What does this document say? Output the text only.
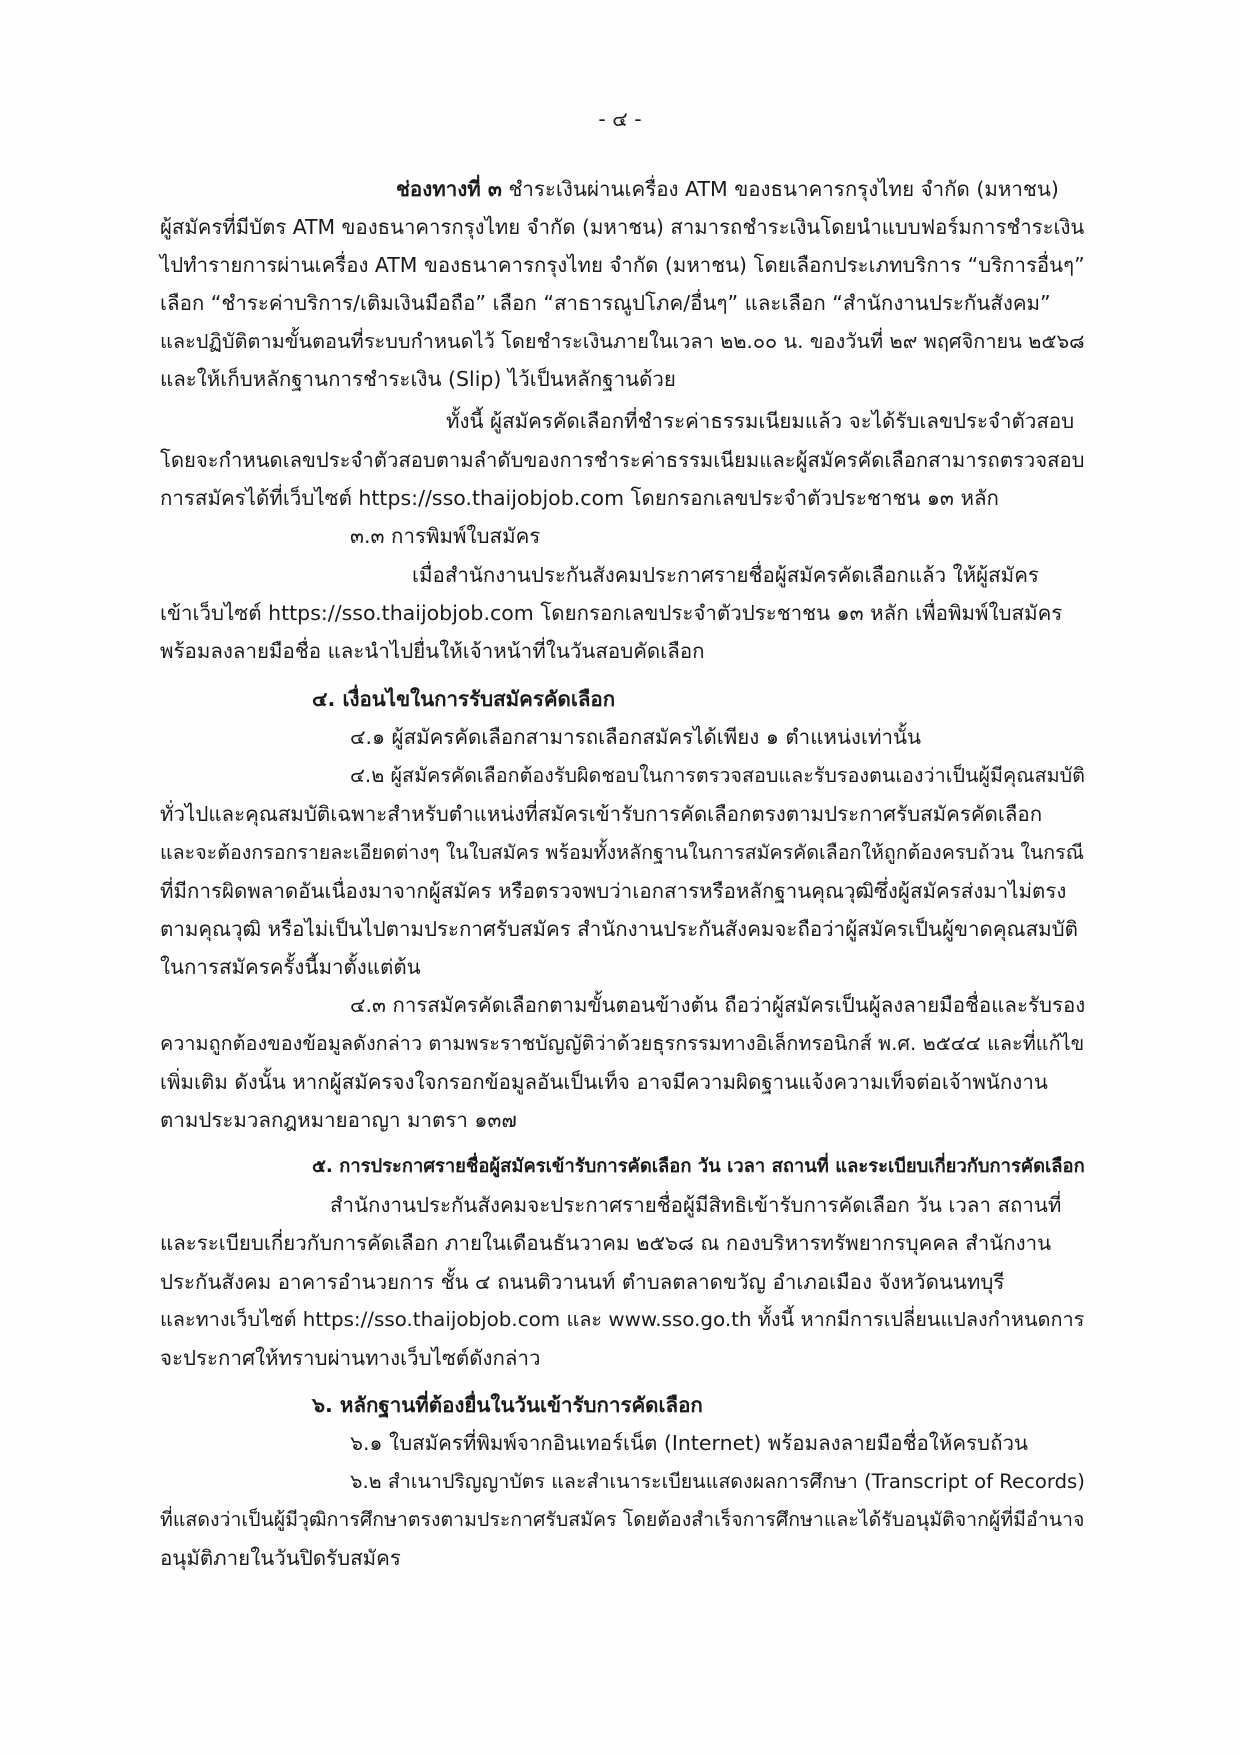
- ๔ -
ช่องทางที่ ๓ ชำระเงินผ่านเครื่อง ATM ของธนาคารกรุงไทย จำกัด (มหาชน)
ผู้สมัครที่มีบัตร ATM ของธนาคารกรุงไทย จำกัด (มหาชน) สามารถชำระเงินโดยนำแบบฟอร์มการชำระเงิน
ไปทำรายการผ่านเครื่อง ATM ของธนาคารกรุงไทย จำกัด (มหาชน) โดยเลือกประเภทบริการ “บริการอื่นๆ”
เลือก “ชำระค่าบริการ/เติมเงินมือถือ” เลือก “สาธารณูปโภค/อื่นๆ” และเลือก “สำนักงานประกันสังคม”
และปฏิบัติตามขั้นตอนที่ระบบกำหนดไว้ โดยชำระเงินภายในเวลา ๒๒.๐๐ น. ของวันที่ ๒๙ พฤศจิกายน ๒๕๖๘
และให้เก็บหลักฐานการชำระเงิน (Slip) ไว้เป็นหลักฐานด้วย
ทั้งนี้ ผู้สมัครคัดเลือกที่ชำระค่าธรรมเนียมแล้ว จะได้รับเลขประจำตัวสอบ
โดยจะกำหนดเลขประจำตัวสอบตามลำดับของการชำระค่าธรรมเนียมและผู้สมัครคัดเลือกสามารถตรวจสอบ
การสมัครได้ที่เว็บไซต์ https://sso.thaijobjob.com โดยกรอกเลขประจำตัวประชาชน ๑๓ หลัก
๓.๓ การพิมพ์ใบสมัคร
เมื่อสำนักงานประกันสังคมประกาศรายชื่อผู้สมัครคัดเลือกแล้ว ให้ผู้สมัคร
เข้าเว็บไซต์ https://sso.thaijobjob.com โดยกรอกเลขประจำตัวประชาชน ๑๓ หลัก เพื่อพิมพ์ใบสมัคร
พร้อมลงลายมือชื่อ และนำไปยื่นให้เจ้าหน้าที่ในวันสอบคัดเลือก
๔. เงื่อนไขในการรับสมัครคัดเลือก
๔.๑ ผู้สมัครคัดเลือกสามารถเลือกสมัครได้เพียง ๑ ตำแหน่งเท่านั้น
๔.๒ ผู้สมัครคัดเลือกต้องรับผิดชอบในการตรวจสอบและรับรองตนเองว่าเป็นผู้มีคุณสมบัติ
ทั่วไปและคุณสมบัติเฉพาะสำหรับตำแหน่งที่สมัครเข้ารับการคัดเลือกตรงตามประกาศรับสมัครคัดเลือก
และจะต้องกรอกรายละเอียดต่างๆ ในใบสมัคร พร้อมทั้งหลักฐานในการสมัครคัดเลือกให้ถูกต้องครบถ้วน ในกรณี
ที่มีการผิดพลาดอันเนื่องมาจากผู้สมัคร หรือตรวจพบว่าเอกสารหรือหลักฐานคุณวุฒิซึ่งผู้สมัครส่งมาไม่ตรง
ตามคุณวุฒิ หรือไม่เป็นไปตามประกาศรับสมัคร สำนักงานประกันสังคมจะถือว่าผู้สมัครเป็นผู้ขาดคุณสมบัติ
ในการสมัครครั้งนี้มาตั้งแต่ต้น
๔.๓ การสมัครคัดเลือกตามขั้นตอนข้างต้น ถือว่าผู้สมัครเป็นผู้ลงลายมือชื่อและรับรอง
ความถูกต้องของข้อมูลดังกล่าว ตามพระราชบัญญัติว่าด้วยธุรกรรมทางอิเล็กทรอนิกส์ พ.ศ. ๒๕๔๔ และที่แก้ไข
เพิ่มเติม ดังนั้น หากผู้สมัครจงใจกรอกข้อมูลอันเป็นเท็จ อาจมีความผิดฐานแจ้งความเท็จต่อเจ้าพนักงาน
ตามประมวลกฎหมายอาญา มาตรา ๑๓๗
๕. การประกาศรายชื่อผู้สมัครเข้ารับการคัดเลือก วัน เวลา สถานที่ และระเบียบเกี่ยวกับการคัดเลือก
สำนักงานประกันสังคมจะประกาศรายชื่อผู้มีสิทธิเข้ารับการคัดเลือก วัน เวลา สถานที่
และระเบียบเกี่ยวกับการคัดเลือก ภายในเดือนธันวาคม ๒๕๖๘ ณ กองบริหารทรัพยากรบุคคล สำนักงาน
ประกันสังคม อาคารอำนวยการ ชั้น ๔ ถนนติวานนท์ ตำบลตลาดขวัญ อำเภอเมือง จังหวัดนนทบุรี
และทางเว็บไซต์ https://sso.thaijobjob.com และ www.sso.go.th ทั้งนี้ หากมีการเปลี่ยนแปลงกำหนดการ
จะประกาศให้ทราบผ่านทางเว็บไซต์ดังกล่าว
๖. หลักฐานที่ต้องยื่นในวันเข้ารับการคัดเลือก
๖.๑ ใบสมัครที่พิมพ์จากอินเทอร์เน็ต (Internet) พร้อมลงลายมือชื่อให้ครบถ้วน
๖.๒ สำเนาปริญญาบัตร และสำเนาระเบียนแสดงผลการศึกษา (Transcript of Records)
ที่แสดงว่าเป็นผู้มีวุฒิการศึกษาตรงตามประกาศรับสมัคร โดยต้องสำเร็จการศึกษาและได้รับอนุมัติจากผู้ที่มีอำนาจ
อนุมัติภายในวันปิดรับสมัคร
